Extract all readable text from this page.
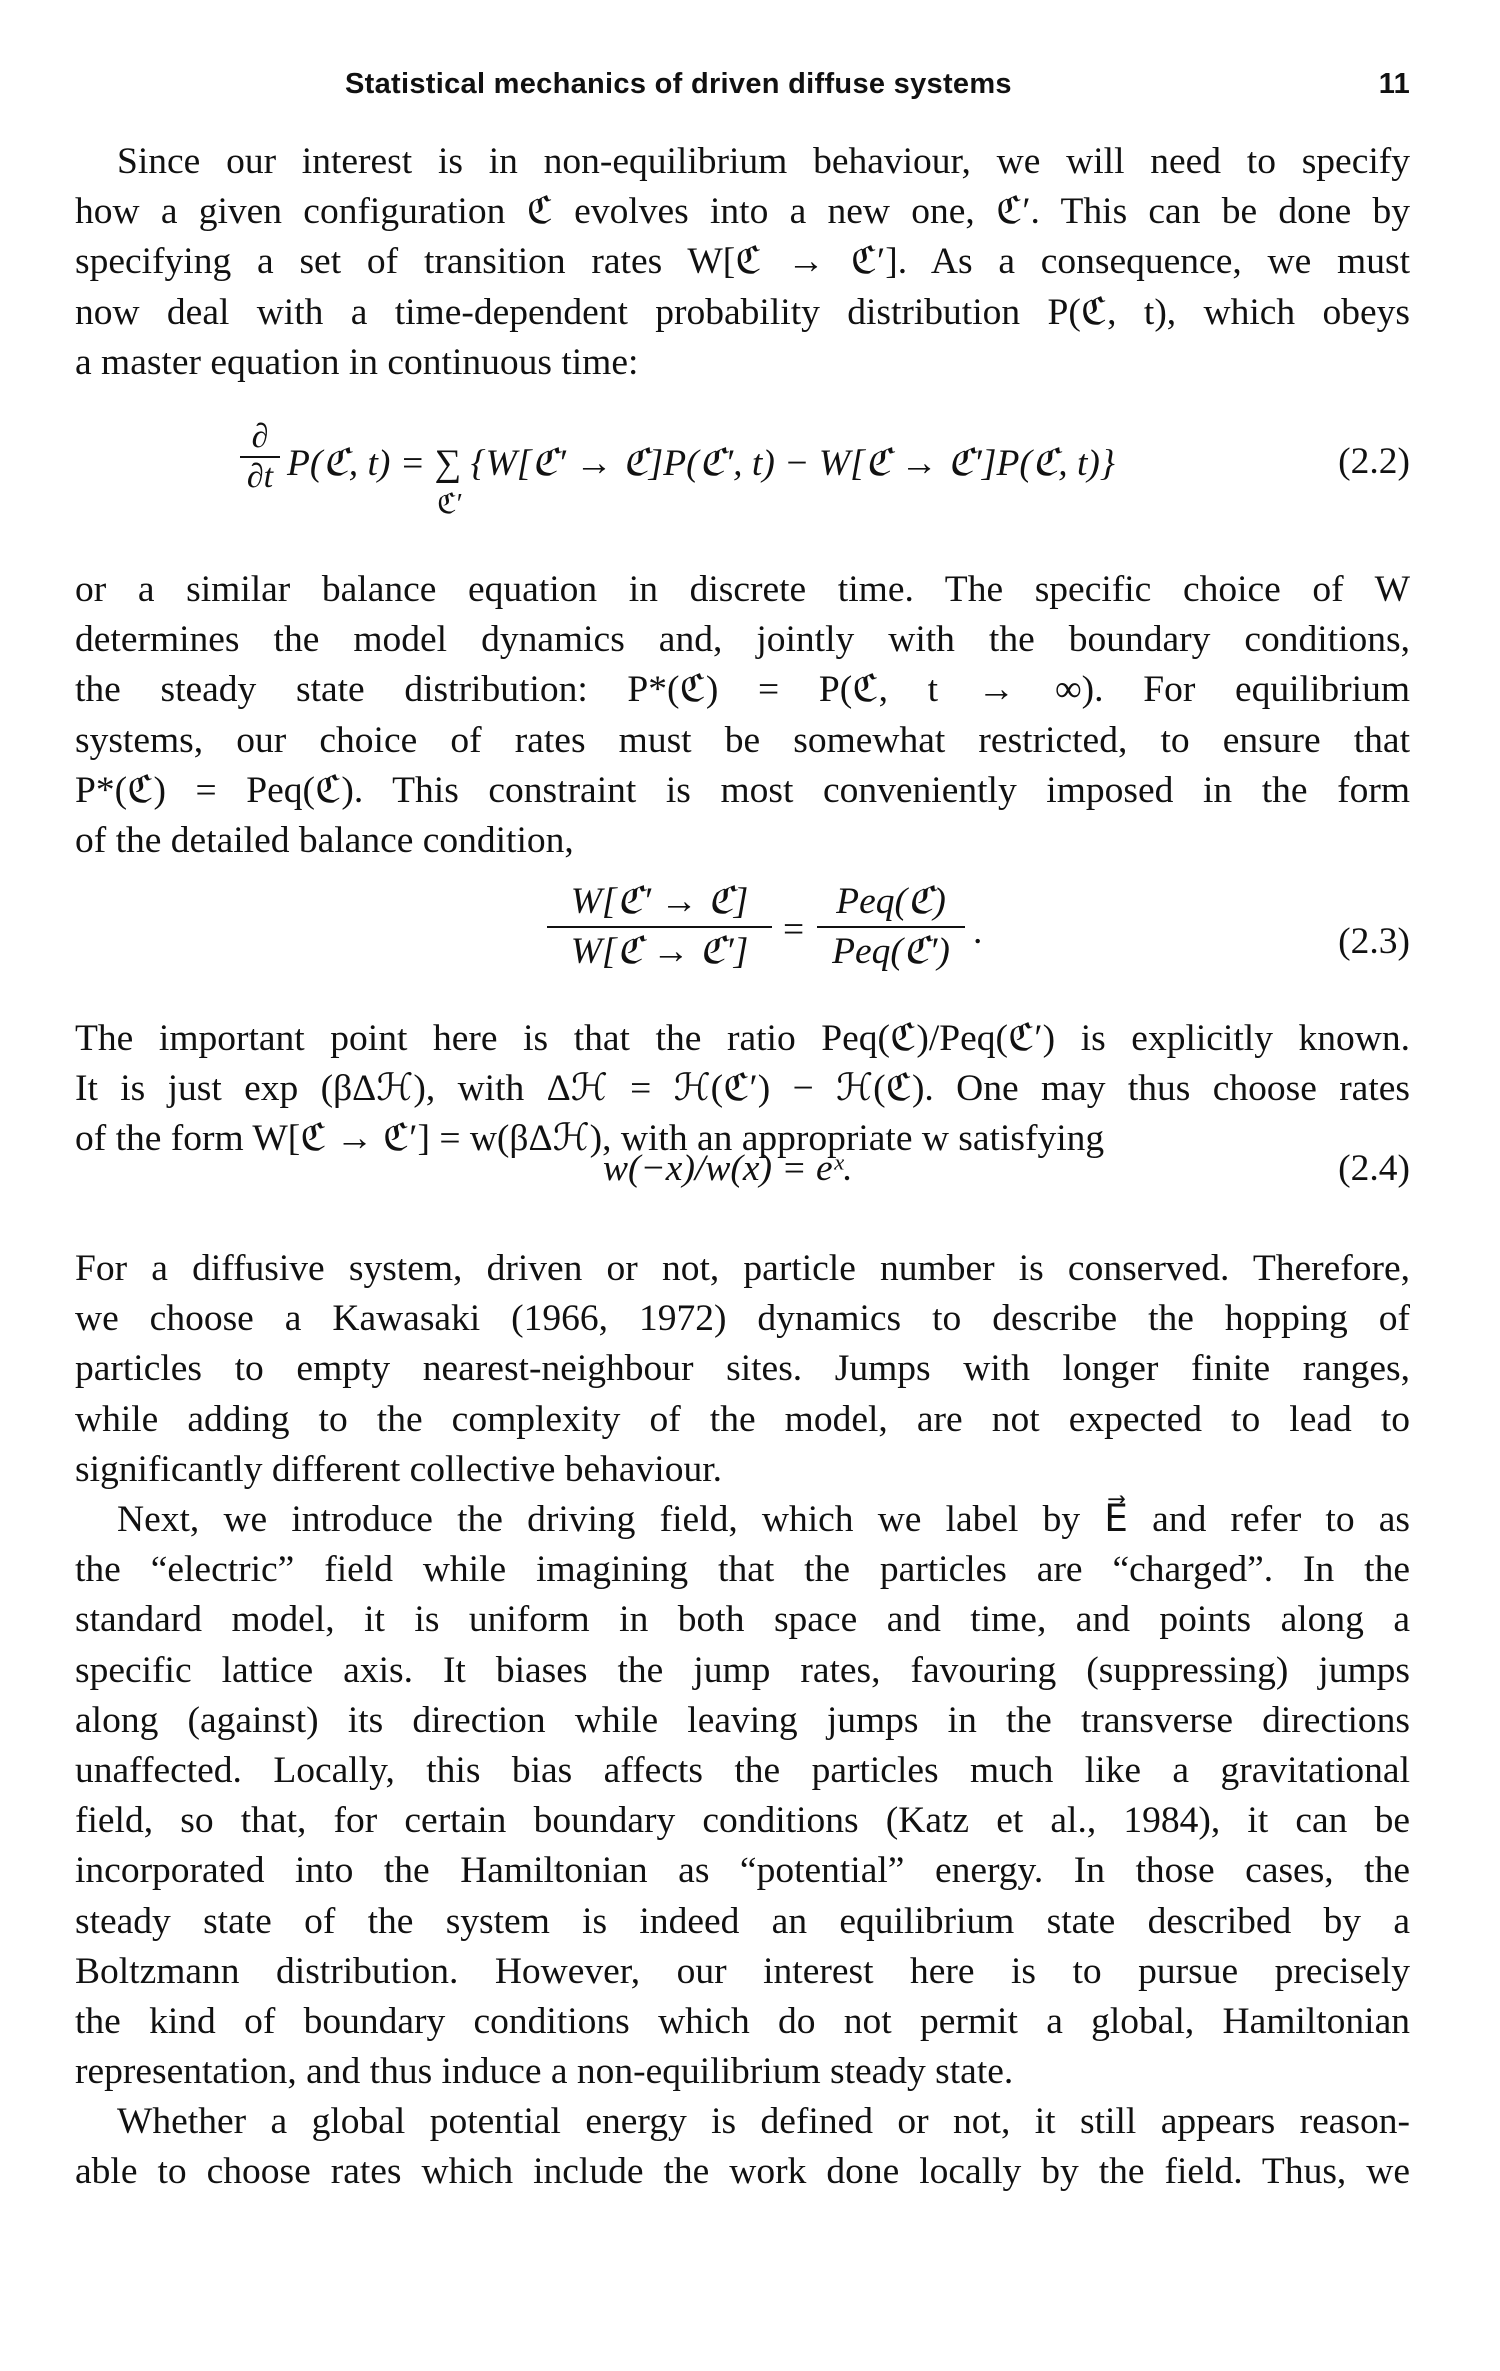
Statistical mechanics of driven diffuse systems	11

Since our interest is in non-equilibrium behaviour, we will need to specify

how a given configuration ℭ evolves into a new one, ℭ′. This can be done by

specifying a set of transition rates W[ℭ → ℭ′]. As a consequence, we must

now deal with a time-dependent probability distribution P(ℭ, t), which obeys

a master equation in continuous time:

∂
∂t P(ℭ, t) = ∑ {W[ℭ′ → ℭ]P(ℭ′, t) − W[ℭ → ℭ′]P(ℭ, t)}
ℭ′
(2.2)

or a similar balance equation in discrete time. The specific choice of W

determines the model dynamics and, jointly with the boundary conditions,

the steady state distribution: P*(ℭ) = P(ℭ, t → ∞). For equilibrium

systems, our choice of rates must be somewhat restricted, to ensure that

P*(ℭ) = Peq(ℭ). This constraint is most conveniently imposed in the form

of the detailed balance condition,

W[ℭ′ → ℭ]
W[ℭ → ℭ′]
=
Peq(ℭ)
Peq(ℭ′) .	(2.3)

The important point here is that the ratio Peq(ℭ)/Peq(ℭ′) is explicitly known.

It is just exp (βΔℋ), with Δℋ = ℋ(ℭ′) − ℋ(ℭ). One may thus choose rates

of the form W[ℭ → ℭ′] = w(βΔℋ), with an appropriate w satisfying

w(−x)/w(x) = eˣ.	(2.4)

For a diffusive system, driven or not, particle number is conserved. Therefore,

we choose a Kawasaki (1966, 1972) dynamics to describe the hopping of

particles to empty nearest-neighbour sites. Jumps with longer finite ranges,

while adding to the complexity of the model, are not expected to lead to

significantly different collective behaviour.

Next, we introduce the driving field, which we label by E⃗ and refer to as

the “electric” field while imagining that the particles are “charged”. In the

standard model, it is uniform in both space and time, and points along a

specific lattice axis. It biases the jump rates, favouring (suppressing) jumps

along (against) its direction while leaving jumps in the transverse directions

unaffected. Locally, this bias affects the particles much like a gravitational

field, so that, for certain boundary conditions (Katz et al., 1984), it can be

incorporated into the Hamiltonian as “potential” energy. In those cases, the

steady state of the system is indeed an equilibrium state described by a

Boltzmann distribution. However, our interest here is to pursue precisely

the kind of boundary conditions which do not permit a global, Hamiltonian

representation, and thus induce a non-equilibrium steady state.

Whether a global potential energy is defined or not, it still appears reason-

able to choose rates which include the work done locally by the field. Thus, we
